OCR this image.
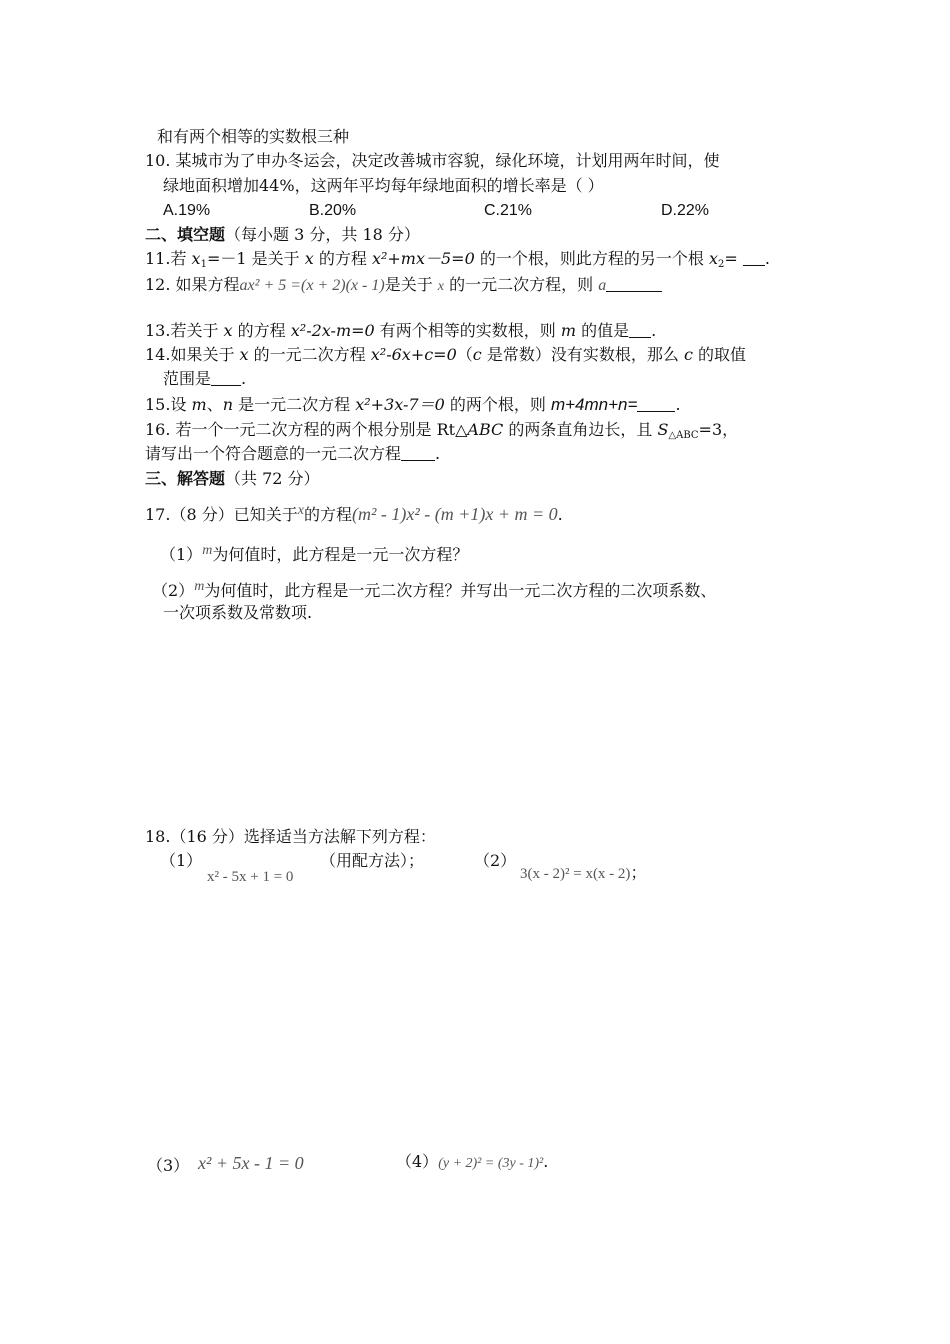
和有两个相等的实数根三种
10. 某城市为了申办冬运会，决定改善城市容貌，绿化环境，计划用两年时间，使
绿地面积增加44%，这两年平均每年绿地面积的增长率是（ ）
A.19%	B.20%	C.21%	D.22%
二、填空题（每小题 3 分，共 18 分）
11.若 $x_1=-1$ 是关于 x 的方程 x²+mx－5=0 的一个根，则此方程的另一个根 $x_2=$ .
12. 如果方程ax² + 5 =(x + 2)(x - 1)是关于 x 的一元二次方程，则 a
13.若关于 x 的方程 x²-2x-m=0 有两个相等的实数根，则 m 的值是 .
14.如果关于 x 的一元二次方程 x²-6x+c=0（c 是常数）没有实数根，那么 c 的取值
范围是 .
15.设 m、n 是一元二次方程 x²+3x-7＝0 的两个根，则 m+4mn+n= .
16. 若一个一元二次方程的两个根分别是 Rt△ABC 的两条直角边长，且 $S_{\triangle ABC}=3$，
请写出一个符合题意的一元二次方程 .
三、解答题（共 72 分）
17.（8 分）已知关于x的方程(m² - 1)x² - (m +1)x + m = 0.
（1）m为何值时，此方程是一元一次方程？
（2）m为何值时，此方程是一元二次方程？并写出一元二次方程的二次项系数、
一次项系数及常数项.
18.（16 分）选择适当方法解下列方程：
（1）
x² - 5x + 1 = 0
（用配方法）；	（2）
3(x - 2)² = x(x - 2)；
（3） x² + 5x - 1 = 0	（4）(y + 2)² = (3y - 1)².
